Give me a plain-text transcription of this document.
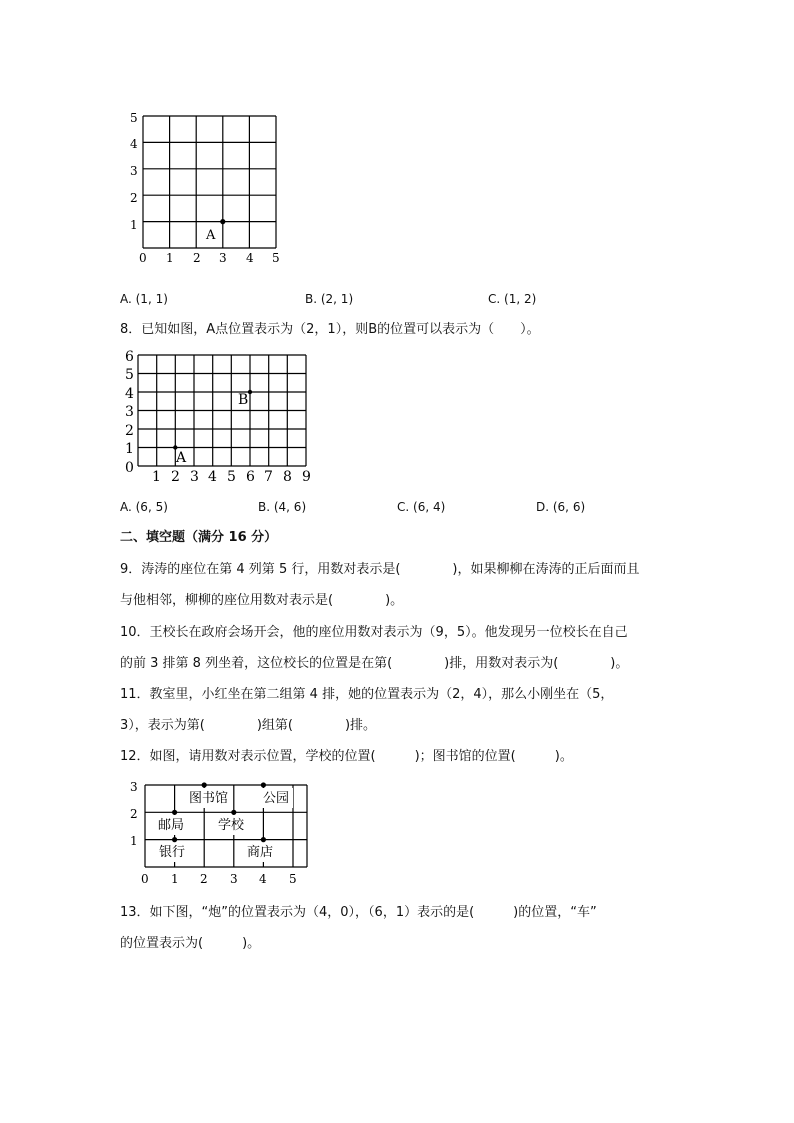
0 1 2 3 4 5
1
2
3
4
5
A
A. (1, 1)	B. (2, 1)	C. (1, 2)
8．已知如图，A点位置表示为（2，1），则B的位置可以表示为（　　）。
1 2 3 4 5 6 7 8 9
0
1
2
3
4
5
6
A
B
A. (6, 5)	B. (4, 6)	C. (6, 4)	D. (6, 6)
二、填空题（满分 16 分）
9．涛涛的座位在第 4 列第 5 行，用数对表示是(　　　　)，如果柳柳在涛涛的正后面而且
与他相邻，柳柳的座位用数对表示是(　　　　)。
10．王校长在政府会场开会，他的座位用数对表示为（9，5）。他发现另一位校长在自己
的前 3 排第 8 列坐着，这位校长的位置是在第(　　　　)排，用数对表示为(　　　　)。
11．教室里，小红坐在第二组第 4 排，她的位置表示为（2，4），那么小刚坐在（5，
3），表示为第(　　　　)组第(　　　　)排。
12．如图，请用数对表示位置，学校的位置(　　　)；图书馆的位置(　　　)。
0 1 2 3 4 5
1
2
3
图书馆	公园
邮局	学校
银行	商店
13．如下图，“炮”的位置表示为（4，0），（6，1）表示的是(　　　)的位置，“车”
的位置表示为(　　　)。
